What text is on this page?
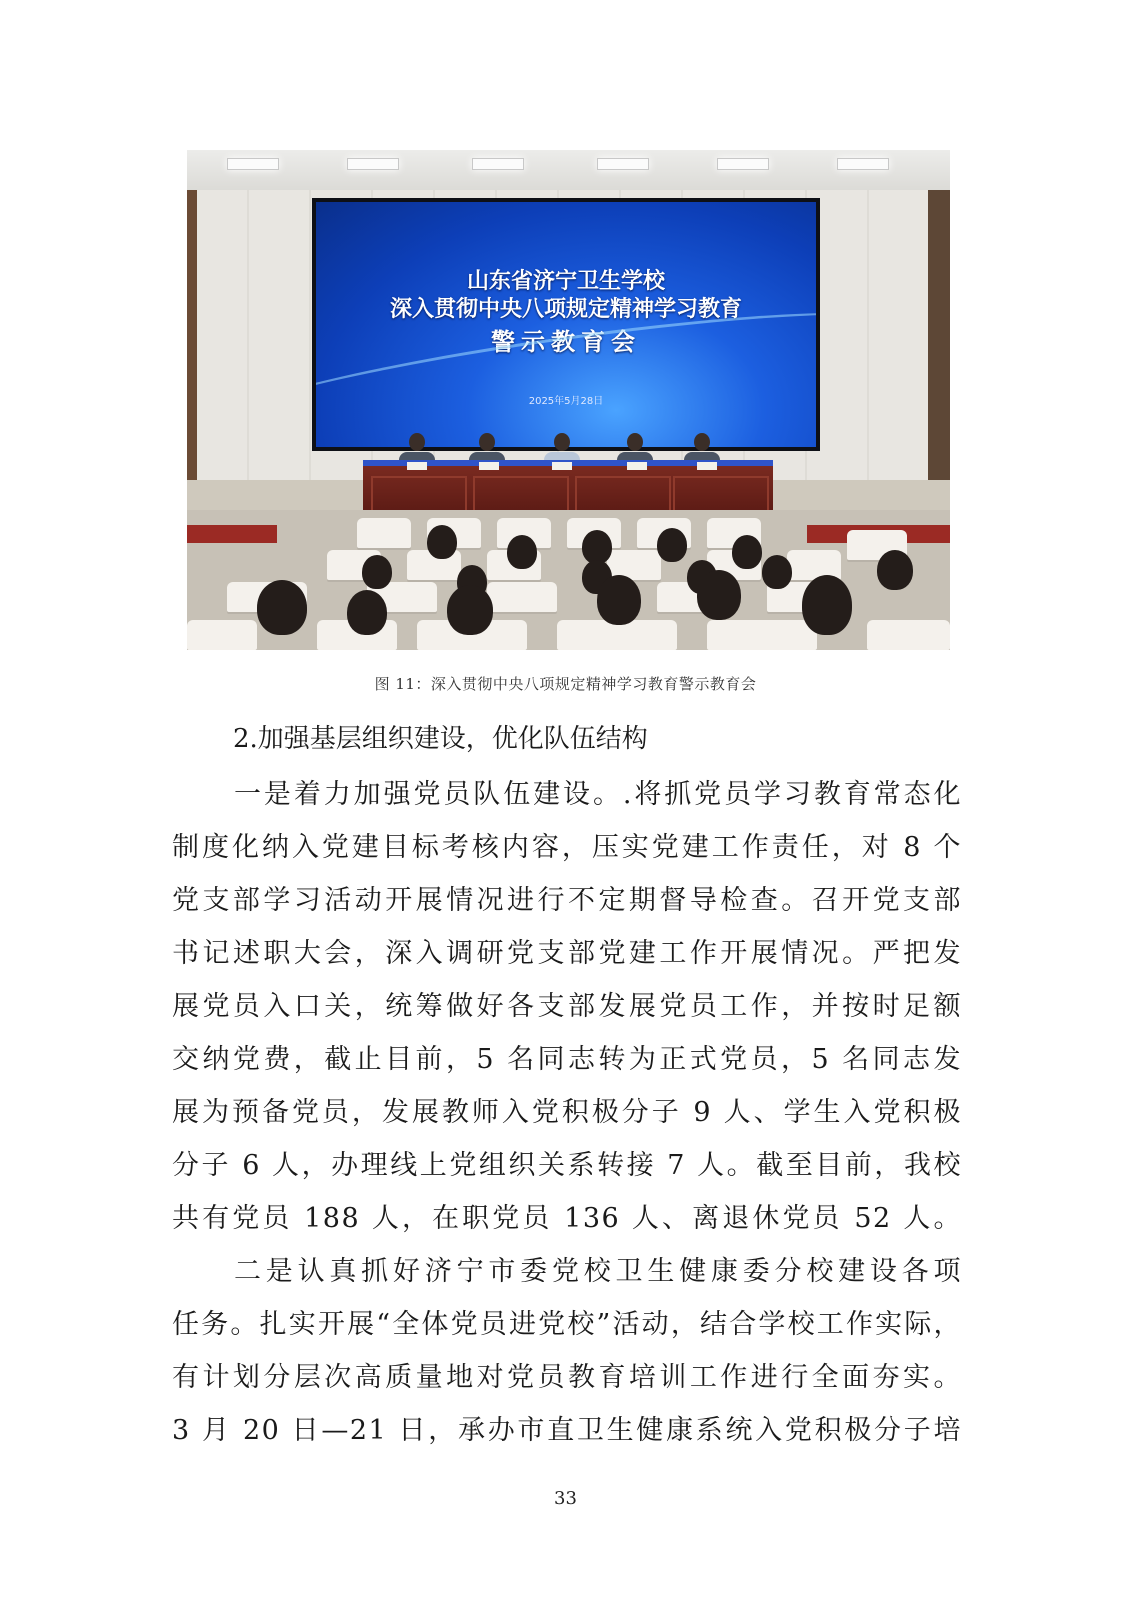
山东省济宁卫生学校
深入贯彻中央八项规定精神学习教育
警示教育会
2025年5月28日
图 11：深入贯彻中央八项规定精神学习教育警示教育会
2.加强基层组织建设，优化队伍结构

一是着力加强党员队伍建设。.将抓党员学习教育常态化
制度化纳入党建目标考核内容，压实党建工作责任，对 8 个
党支部学习活动开展情况进行不定期督导检查。召开党支部
书记述职大会，深入调研党支部党建工作开展情况。严把发
展党员入口关，统筹做好各支部发展党员工作，并按时足额
交纳党费，截止目前，5 名同志转为正式党员，5 名同志发
展为预备党员，发展教师入党积极分子 9 人、学生入党积极
分子 6 人，办理线上党组织关系转接 7 人。截至目前，我校
共有党员 188 人，在职党员 136 人、离退休党员 52 人。

二是认真抓好济宁市委党校卫生健康委分校建设各项
任务。扎实开展“全体党员进党校”活动，结合学校工作实际，
有计划分层次高质量地对党员教育培训工作进行全面夯实。
3 月 20 日—21 日，承办市直卫生健康系统入党积极分子培

33
